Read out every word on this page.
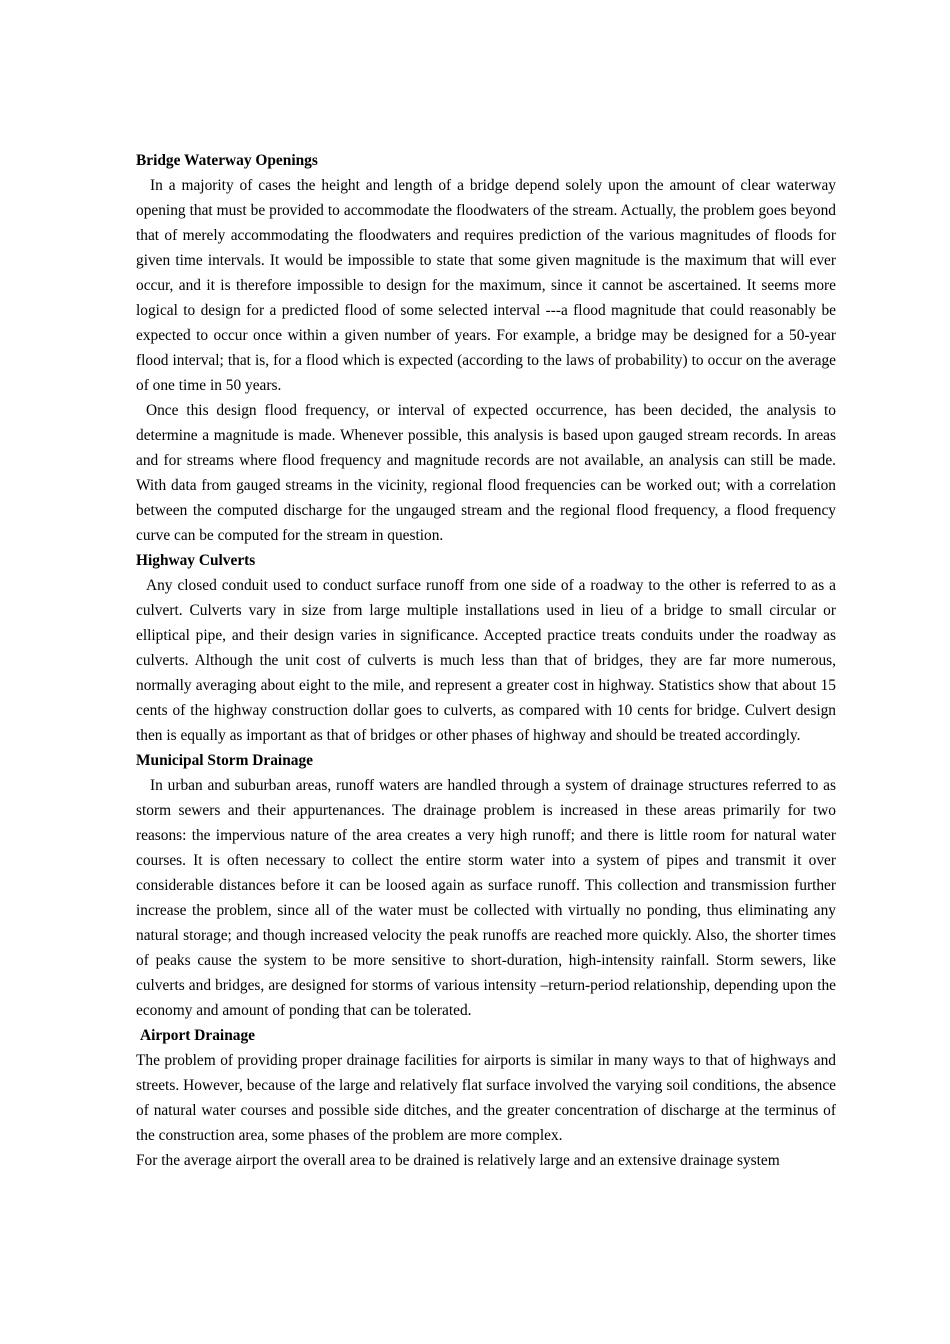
Bridge Waterway Openings

In a majority of cases the height and length of a bridge depend solely upon the amount of clear waterway opening that must be provided to accommodate the floodwaters of the stream. Actually, the problem goes beyond that of merely accommodating the floodwaters and requires prediction of the various magnitudes of floods for given time intervals. It would be impossible to state that some given magnitude is the maximum that will ever occur, and it is therefore impossible to design for the maximum, since it cannot be ascertained. It seems more logical to design for a predicted flood of some selected interval ---a flood magnitude that could reasonably be expected to occur once within a given number of years. For example, a bridge may be designed for a 50-year flood interval; that is, for a flood which is expected (according to the laws of probability) to occur on the average of one time in 50 years.

Once this design flood frequency, or interval of expected occurrence, has been decided, the analysis to determine a magnitude is made. Whenever possible, this analysis is based upon gauged stream records. In areas and for streams where flood frequency and magnitude records are not available, an analysis can still be made. With data from gauged streams in the vicinity, regional flood frequencies can be worked out; with a correlation between the computed discharge for the ungauged stream and the regional flood frequency, a flood frequency curve can be computed for the stream in question.

Highway Culverts

Any closed conduit used to conduct surface runoff from one side of a roadway to the other is referred to as a culvert. Culverts vary in size from large multiple installations used in lieu of a bridge to small circular or elliptical pipe, and their design varies in significance. Accepted practice treats conduits under the roadway as culverts. Although the unit cost of culverts is much less than that of bridges, they are far more numerous, normally averaging about eight to the mile, and represent a greater cost in highway. Statistics show that about 15 cents of the highway construction dollar goes to culverts, as compared with 10 cents for bridge. Culvert design then is equally as important as that of bridges or other phases of highway and should be treated accordingly.

Municipal Storm Drainage

In urban and suburban areas, runoff waters are handled through a system of drainage structures referred to as storm sewers and their appurtenances. The drainage problem is increased in these areas primarily for two reasons: the impervious nature of the area creates a very high runoff; and there is little room for natural water courses. It is often necessary to collect the entire storm water into a system of pipes and transmit it over considerable distances before it can be loosed again as surface runoff. This collection and transmission further increase the problem, since all of the water must be collected with virtually no ponding, thus eliminating any natural storage; and though increased velocity the peak runoffs are reached more quickly. Also, the shorter times of peaks cause the system to be more sensitive to short-duration, high-intensity rainfall. Storm sewers, like culverts and bridges, are designed for storms of various intensity –return-period relationship, depending upon the economy and amount of ponding that can be tolerated.

Airport Drainage

The problem of providing proper drainage facilities for airports is similar in many ways to that of highways and streets. However, because of the large and relatively flat surface involved the varying soil conditions, the absence of natural water courses and possible side ditches, and the greater concentration of discharge at the terminus of the construction area, some phases of the problem are more complex.

For the average airport the overall area to be drained is relatively large and an extensive drainage system
